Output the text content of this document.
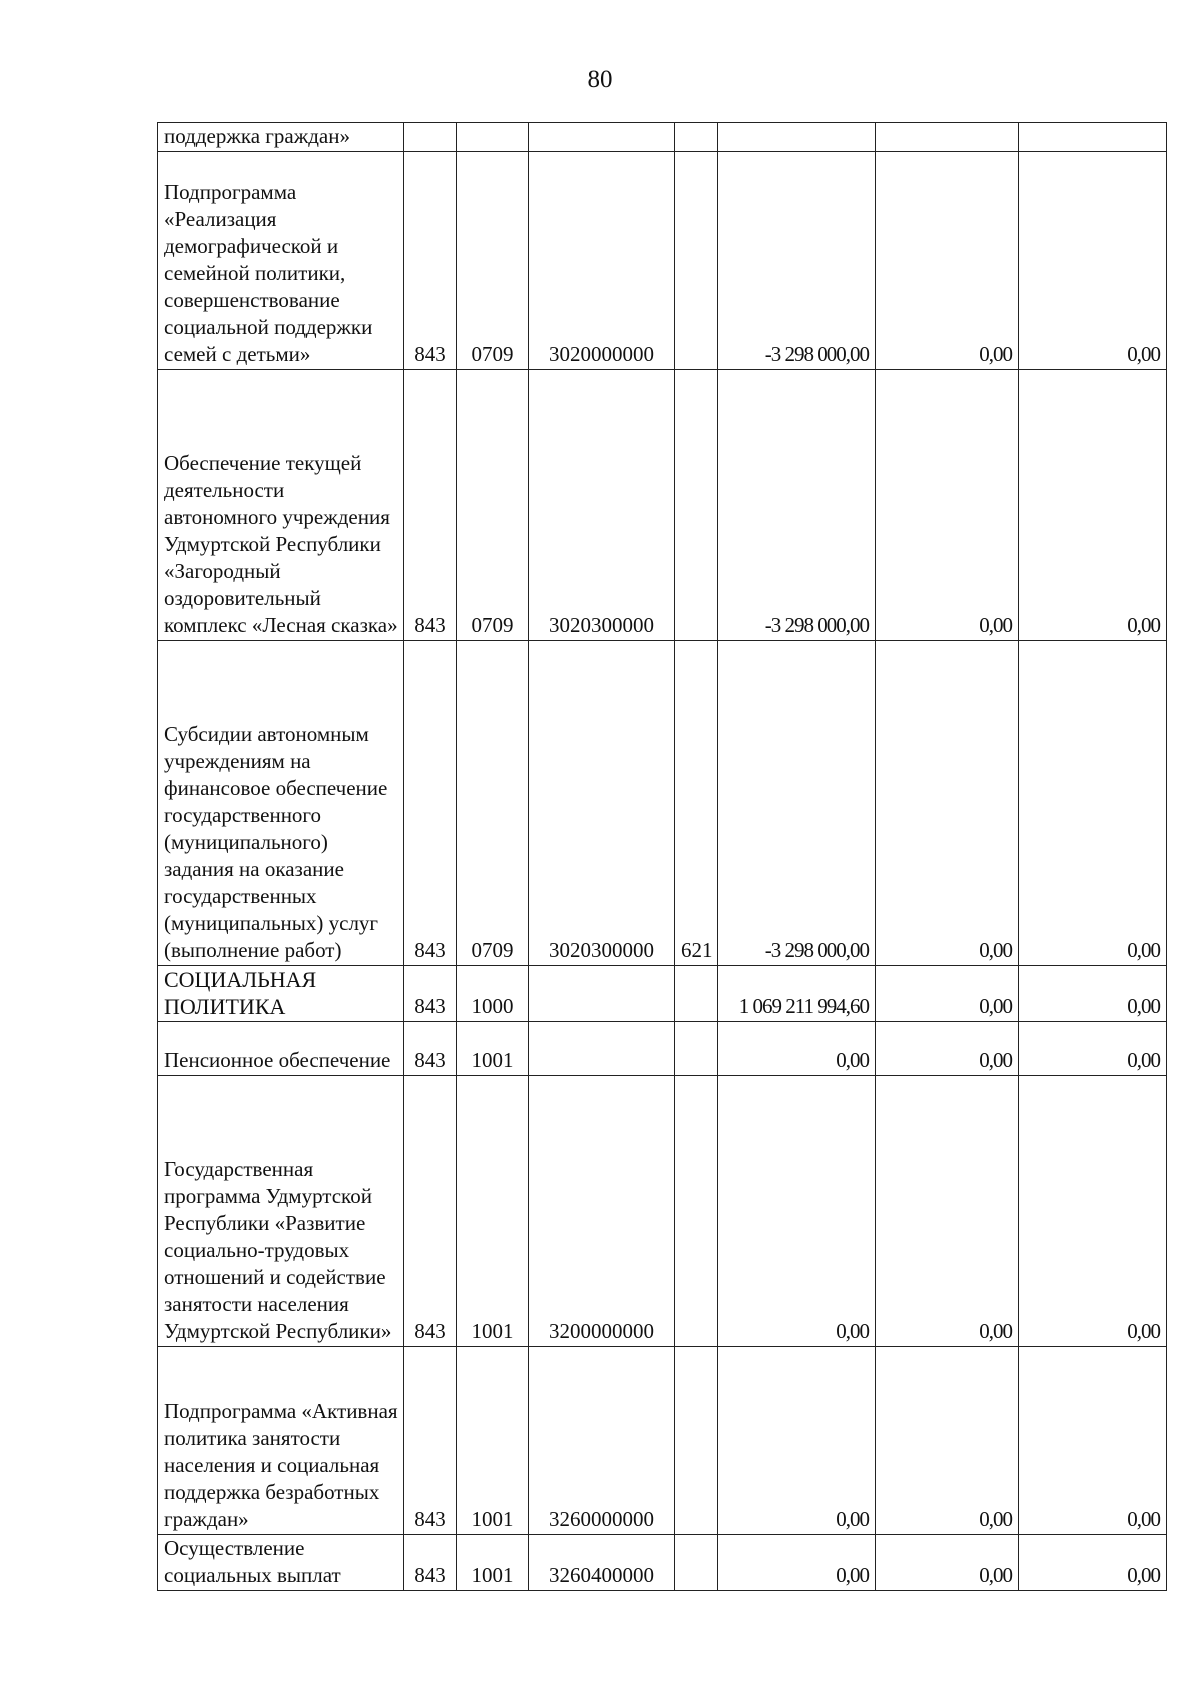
80
поддержка граждан»							
Подпрограмма «Реализация демографической и семейной политики, совершенствование социальной поддержки семей с детьми»	843	0709	3020000000		-3 298 000,00	0,00	0,00
Обеспечение текущей деятельности автономного учреждения Удмуртской Республики «Загородный оздоровительный комплекс «Лесная сказка»	843	0709	3020300000		-3 298 000,00	0,00	0,00
Субсидии автономным учреждениям на финансовое обеспечение государственного (муниципального) задания на оказание государственных (муниципальных) услуг (выполнение работ)	843	0709	3020300000	621	-3 298 000,00	0,00	0,00
СОЦИАЛЬНАЯ ПОЛИТИКА	843	1000			1 069 211 994,60	0,00	0,00
Пенсионное обеспечение	843	1001			0,00	0,00	0,00
Государственная программа Удмуртской Республики «Развитие социально-трудовых отношений и содействие занятости населения Удмуртской Республики»	843	1001	3200000000		0,00	0,00	0,00
Подпрограмма «Активная политика занятости населения и социальная поддержка безработных граждан»	843	1001	3260000000		0,00	0,00	0,00
Осуществление социальных выплат	843	1001	3260400000		0,00	0,00	0,00
